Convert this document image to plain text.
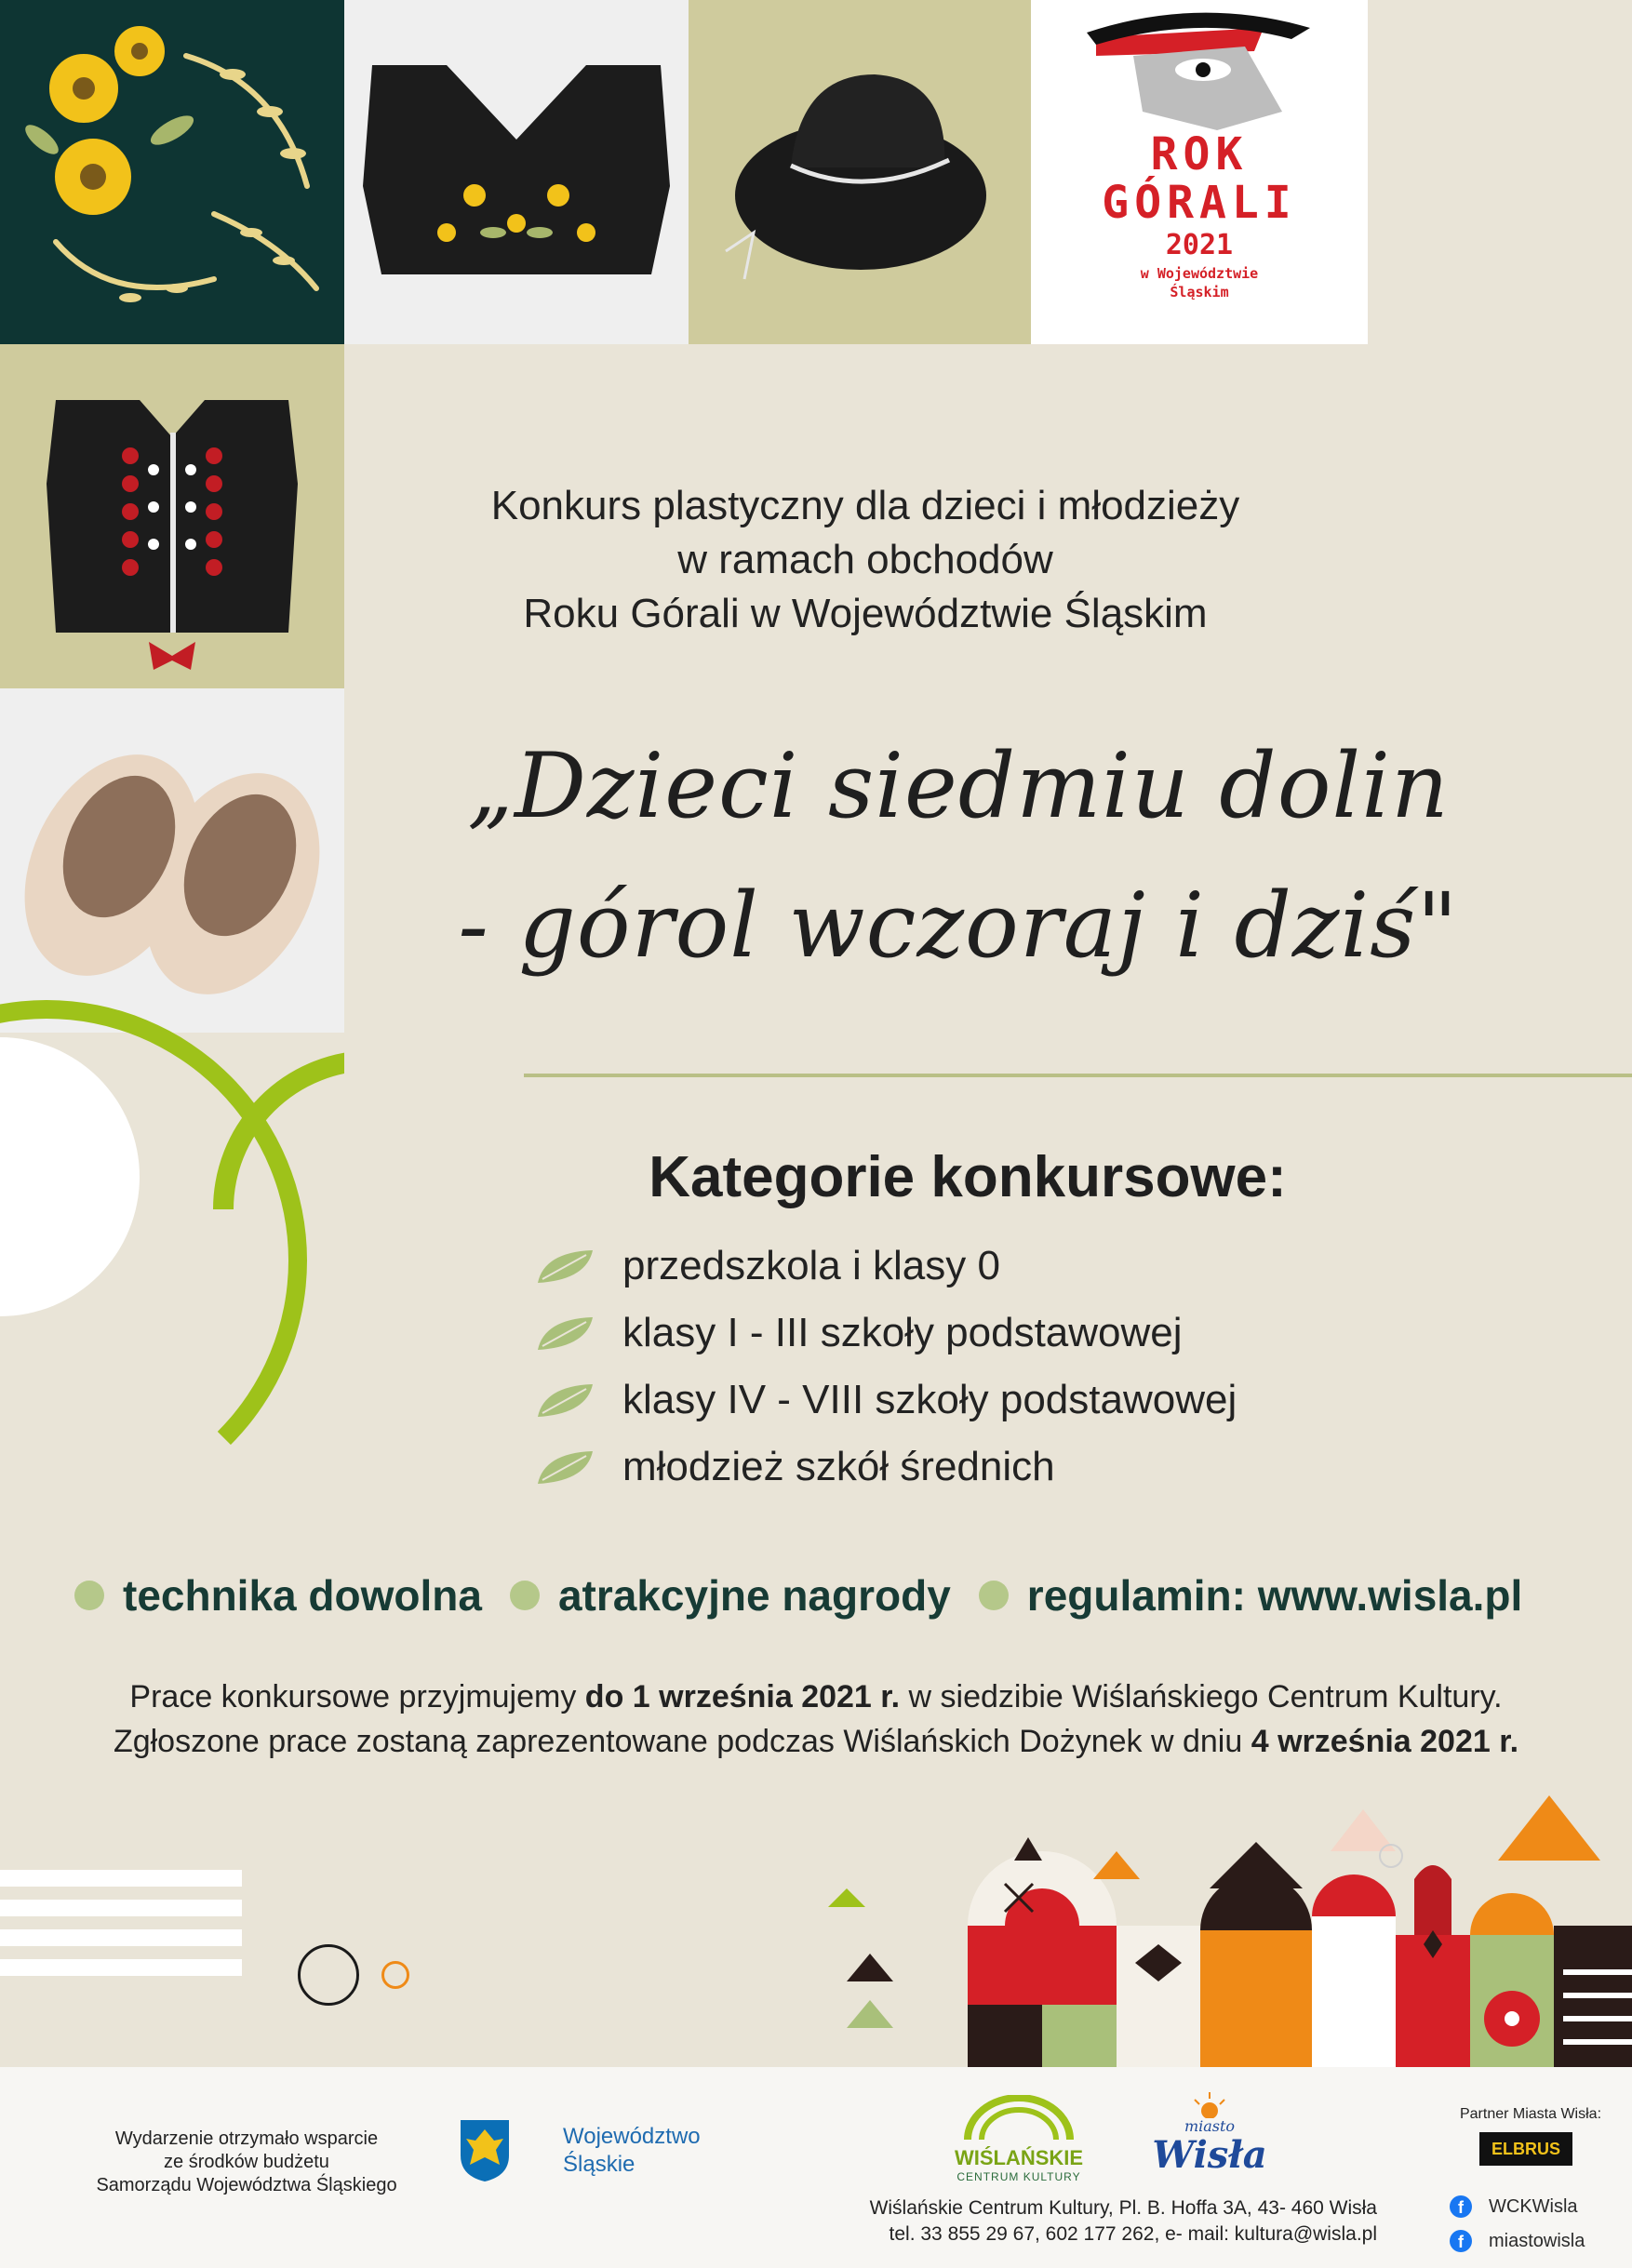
ROK
GÓRALI
2021
w Województwie
Śląskim
Konkurs plastyczny dla dzieci i młodzieży
w ramach obchodów
Roku Górali w Województwie Śląskim
„Dzieci siedmiu dolin
- górol wczoraj i dziś"
Kategorie konkursowe:
przedszkola i klasy 0
klasy I - III szkoły podstawowej
klasy IV - VIII szkoły podstawowej
młodzież szkół średnich
technika dowolna atrakcyjne nagrody regulamin: www.wisla.pl
Prace konkursowe przyjmujemy do 1 września 2021 r. w siedzibie Wiślańskiego Centrum Kultury.
Zgłoszone prace zostaną zaprezentowane podczas Wiślańskich Dożynek w dniu 4 września 2021 r.
Wydarzenie otrzymało wsparcie
ze środków budżetu
Samorządu Województwa Śląskiego
Województwo
Śląskie	WIŚLAŃSKIE
CENTRUM KULTURY
miasto
Wisła
Wiślańskie Centrum Kultury, Pl. B. Hoffa 3A, 43- 460 Wisła
tel. 33 855 29 67, 602 177 262, e- mail: kultura@wisla.pl
Partner Miasta Wisła:
ELBRUS
f	WCKWisla
f	miastowisla
